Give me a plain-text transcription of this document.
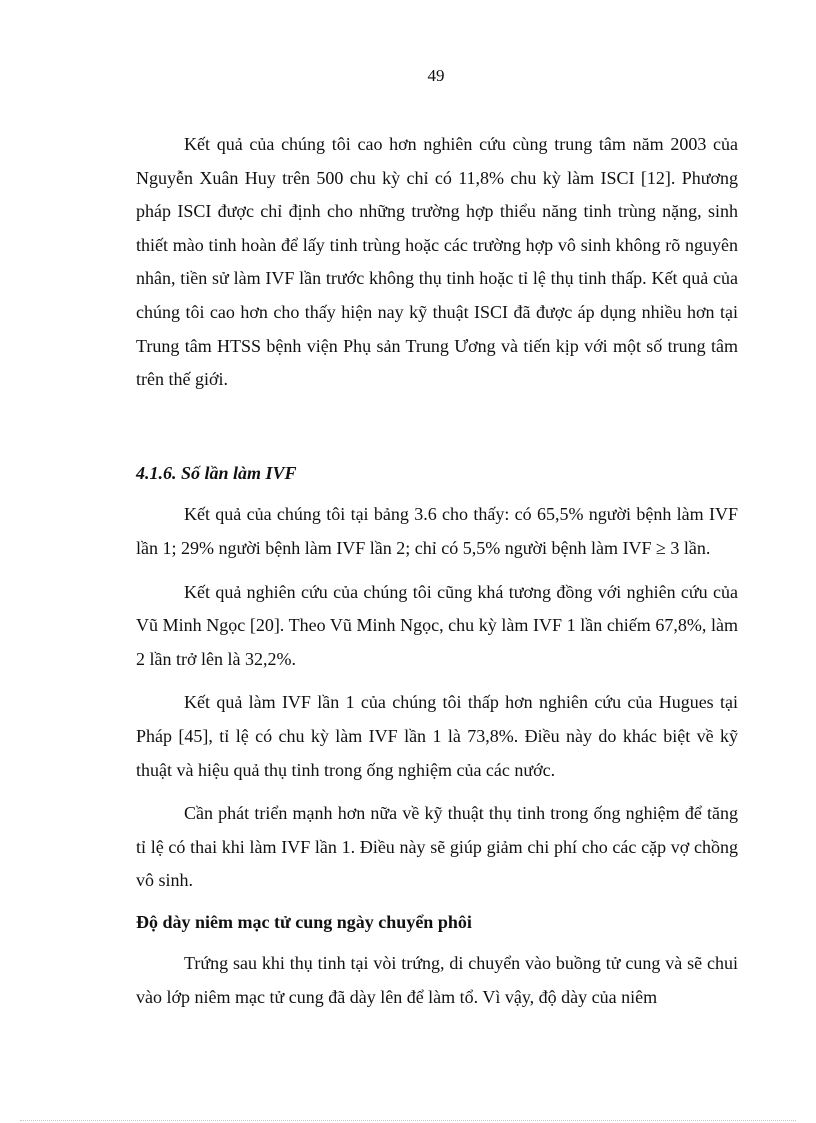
49

Kết quả của chúng tôi cao hơn nghiên cứu cùng trung tâm năm 2003 của Nguyễn Xuân Huy trên 500 chu kỳ chỉ có 11,8% chu kỳ làm ISCI [12]. Phương pháp ISCI được chỉ định cho những trường hợp thiểu năng tinh trùng nặng, sinh thiết mào tinh hoàn để lấy tinh trùng hoặc các trường hợp vô sinh không rõ nguyên nhân, tiền sử làm IVF lần trước không thụ tinh hoặc tỉ lệ thụ tinh thấp. Kết quả của chúng tôi cao hơn cho thấy hiện nay kỹ thuật ISCI đã được áp dụng nhiều hơn tại Trung tâm HTSS bệnh viện Phụ sản Trung Ương và tiến kịp với một số trung tâm trên thế giới.

4.1.6. Số lần làm IVF

Kết quả của chúng tôi tại bảng 3.6 cho thấy: có 65,5% người bệnh làm IVF lần 1; 29% người bệnh làm IVF lần 2; chỉ có 5,5% người bệnh làm IVF ≥ 3 lần.

Kết quả nghiên cứu của chúng tôi cũng khá tương đồng với nghiên cứu của Vũ Minh Ngọc [20]. Theo Vũ Minh Ngọc, chu kỳ làm IVF 1 lần chiếm 67,8%, làm 2 lần trở lên là 32,2%.

Kết quả làm IVF lần 1 của chúng tôi thấp hơn nghiên cứu của Hugues tại Pháp [45], tỉ lệ có chu kỳ làm IVF lần 1 là 73,8%. Điều này do khác biệt về kỹ thuật và hiệu quả thụ tinh trong ống nghiệm của các nước.

Cần phát triển mạnh hơn nữa về kỹ thuật thụ tinh trong ống nghiệm để tăng tỉ lệ có thai khi làm IVF lần 1. Điều này sẽ giúp giảm chi phí cho các cặp vợ chồng vô sinh.

Độ dày niêm mạc tử cung ngày chuyển phôi

Trứng sau khi thụ tinh tại vòi trứng, di chuyển vào buồng tử cung và sẽ chui vào lớp niêm mạc tử cung đã dày lên để làm tổ. Vì vậy, độ dày của niêm
